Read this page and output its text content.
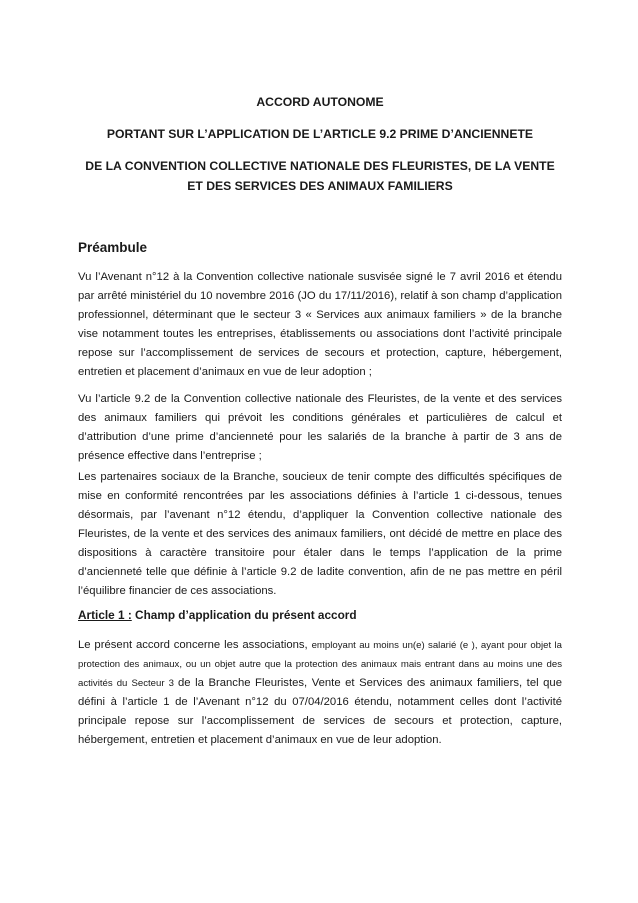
ACCORD AUTONOME
PORTANT SUR L’APPLICATION DE L’ARTICLE 9.2 PRIME D’ANCIENNETE
DE LA CONVENTION COLLECTIVE NATIONALE DES FLEURISTES, DE LA VENTE ET DES SERVICES DES ANIMAUX FAMILIERS
Préambule
Vu l’Avenant n°12 à la Convention collective nationale susvisée signé le 7 avril 2016 et étendu par arrêté ministériel du 10 novembre 2016 (JO du 17/11/2016), relatif à son champ d’application professionnel, déterminant que le secteur 3 « Services aux animaux familiers » de la branche vise notamment toutes les entreprises, établissements ou associations dont l’activité principale repose sur l’accomplissement de services de secours et protection, capture, hébergement, entretien et placement d’animaux en vue de leur adoption ;
Vu l’article 9.2 de la Convention collective nationale des Fleuristes, de la vente et des services des animaux familiers qui prévoit les conditions générales et particulières de calcul et d’attribution d’une prime d’ancienneté pour les salariés de la branche à partir de 3 ans de présence effective dans l’entreprise ;
Les partenaires sociaux de la Branche, soucieux de tenir compte des difficultés spécifiques de mise en conformité rencontrées par les associations définies à l’article 1 ci-dessous, tenues désormais, par l’avenant n°12 étendu, d’appliquer la Convention collective nationale des Fleuristes, de la vente et des services des animaux familiers, ont décidé de mettre en place des dispositions à caractère transitoire pour étaler dans le temps l’application de la prime d’ancienneté telle que définie à l’article 9.2 de ladite convention, afin de ne pas mettre en péril l’équilibre financier de ces associations.
Article 1 : Champ d’application du présent accord
Le présent accord concerne les associations, employant au moins un(e) salarié (e ), ayant pour objet la protection des animaux, ou un objet autre que la protection des animaux mais entrant dans au moins une des activités du Secteur 3 de la Branche Fleuristes, Vente et Services des animaux familiers, tel que défini à l’article 1 de l’Avenant n°12 du 07/04/2016 étendu, notamment celles dont l’activité principale repose sur l’accomplissement de services de secours et protection, capture, hébergement, entretien et placement d’animaux en vue de leur adoption.
